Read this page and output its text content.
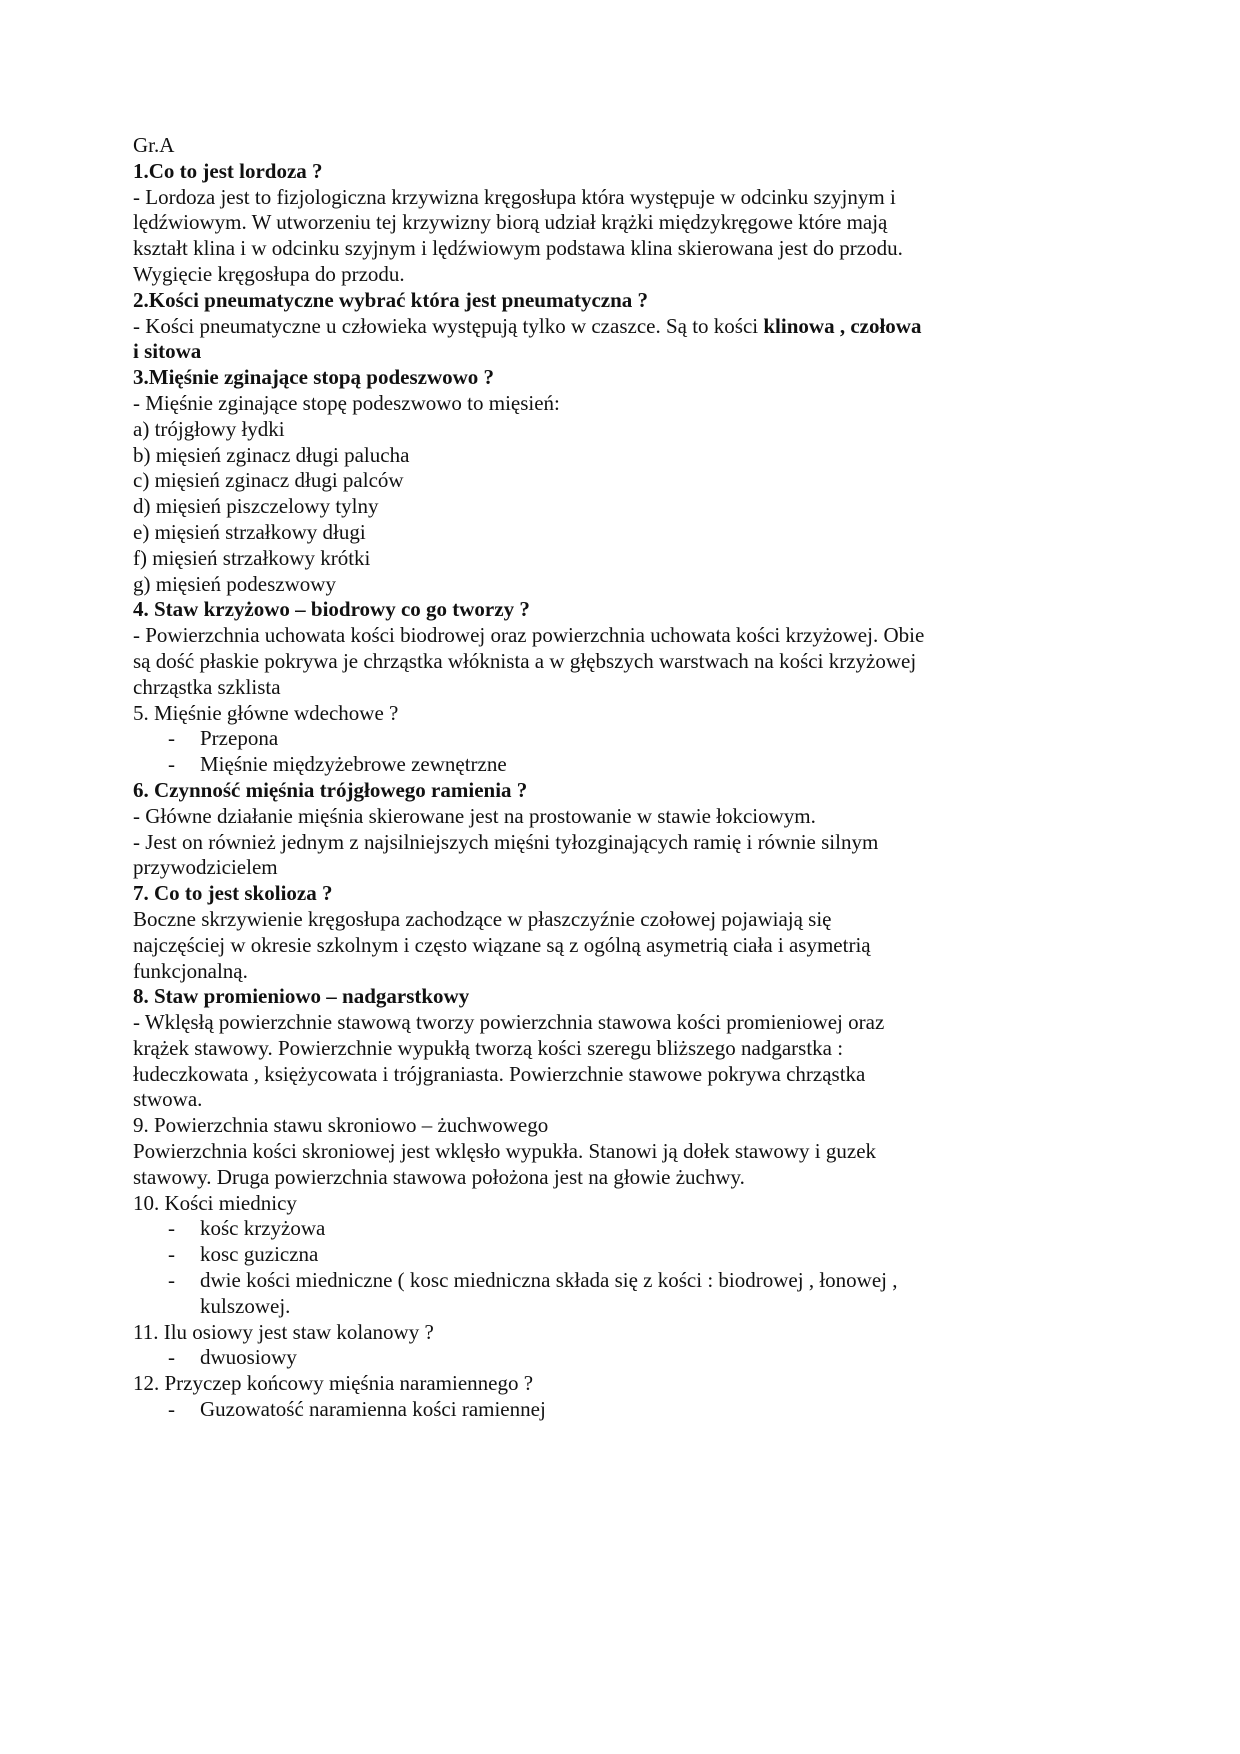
Gr.A

1.Co to jest lordoza ?

- Lordoza jest to fizjologiczna krzywizna kręgosłupa która występuje w odcinku szyjnym i

lędźwiowym. W utworzeniu tej krzywizny biorą udział krążki międzykręgowe które mają

kształt klina i w odcinku szyjnym i lędźwiowym podstawa klina skierowana jest do przodu.

Wygięcie kręgosłupa do przodu.

2.Kości pneumatyczne wybrać która jest pneumatyczna ?

- Kości pneumatyczne u człowieka występują tylko w czaszce. Są to kości klinowa , czołowa

i sitowa

3.Mięśnie zginające stopą podeszwowo ?

- Mięśnie zginające stopę podeszwowo to mięsień:

a) trójgłowy łydki

b) mięsień zginacz długi palucha

c) mięsień zginacz długi palców

d) mięsień piszczelowy tylny

e) mięsień strzałkowy długi

f) mięsień strzałkowy krótki

g) mięsień podeszwowy

4. Staw krzyżowo – biodrowy co go tworzy ?

- Powierzchnia uchowata kości biodrowej oraz powierzchnia uchowata kości krzyżowej. Obie

są dość płaskie pokrywa je chrząstka włóknista a w głębszych warstwach na kości krzyżowej

chrząstka szklista

5. Mięśnie główne wdechowe ?

- Przepona
- Mięśnie międzyżebrowe zewnętrzne

6. Czynność mięśnia trójgłowego ramienia ?

- Główne działanie mięśnia skierowane jest na prostowanie w stawie łokciowym.

- Jest on również jednym z najsilniejszych mięśni tyłozginających ramię i równie silnym

przywodzicielem

7. Co to jest skolioza ?

Boczne skrzywienie kręgosłupa zachodzące w płaszczyźnie czołowej pojawiają się

najczęściej w okresie szkolnym i często wiązane są z ogólną asymetrią ciała i asymetrią

funkcjonalną.

8. Staw promieniowo – nadgarstkowy

- Wklęsłą powierzchnie stawową tworzy powierzchnia stawowa kości promieniowej oraz

krążek stawowy. Powierzchnie wypukłą tworzą kości szeregu bliższego nadgarstka :

łudeczkowata , księżycowata i trójgraniasta. Powierzchnie stawowe pokrywa chrząstka

stwowa.

9. Powierzchnia stawu skroniowo – żuchwowego

Powierzchnia kości skroniowej jest wklęsło wypukła. Stanowi ją dołek stawowy i guzek

stawowy. Druga powierzchnia stawowa położona jest na głowie żuchwy.

10. Kości miednicy

- kośc krzyżowa
- kosc guziczna
- dwie kości miedniczne ( kosc miedniczna składa się z kości : biodrowej , łonowej , kulszowej.

11. Ilu osiowy jest staw kolanowy ?

- dwuosiowy

12. Przyczep końcowy mięśnia naramiennego ?

- Guzowatość naramienna kości ramiennej
